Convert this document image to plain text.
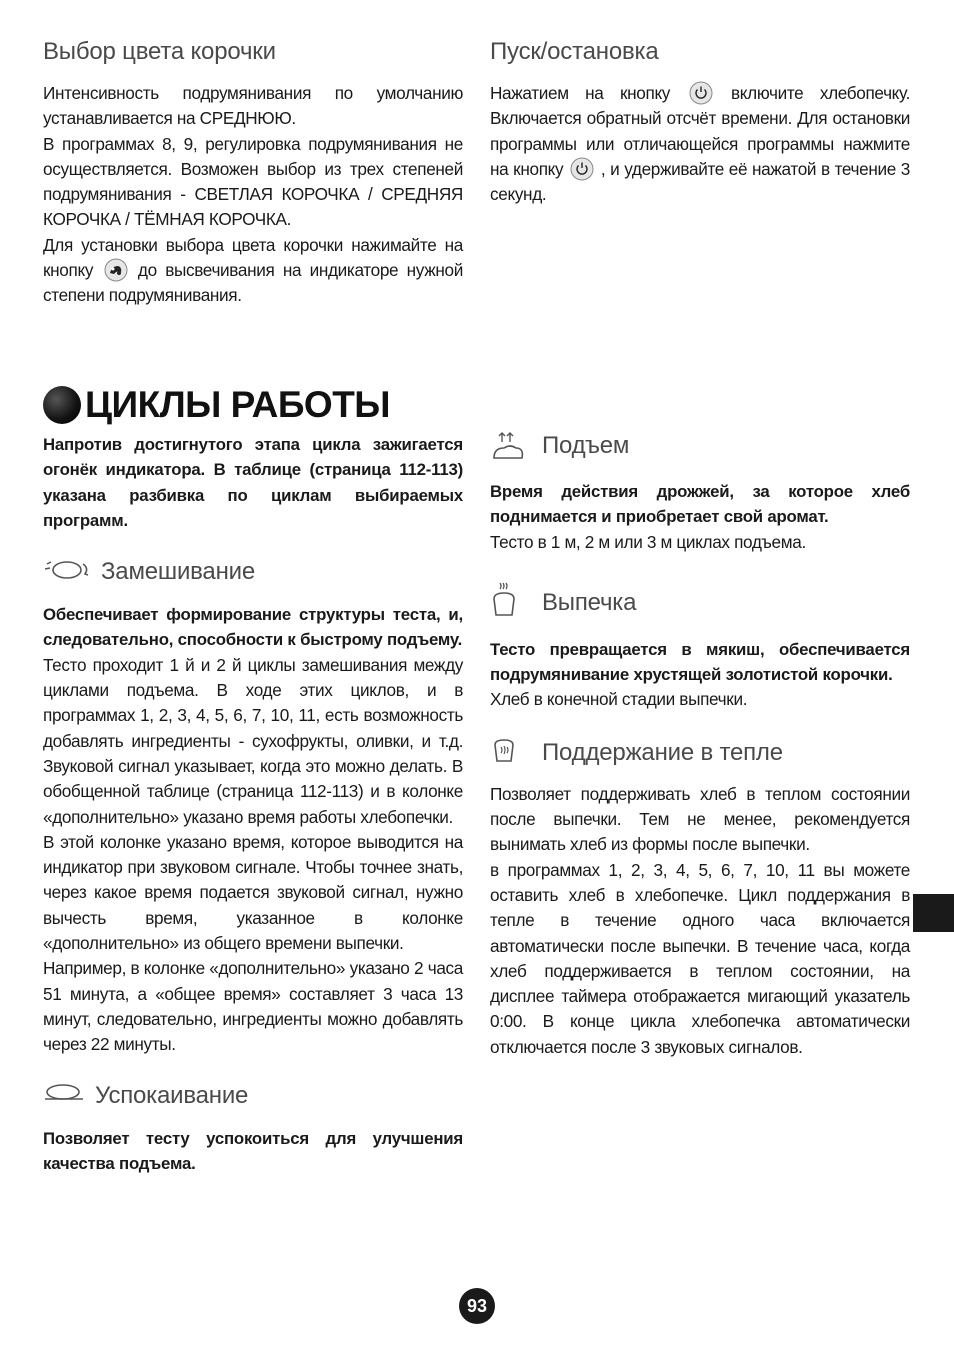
Выбор цвета корочки

Интенсивность подрумянивания по умолчанию устанавливается на СРЕДНЮЮ.

В программах 8, 9, регулировка подрумянивания не осуществляется. Возможен выбор из трех степеней подрумянивания - СВЕТЛАЯ КОРОЧКА / СРЕДНЯЯ КОРОЧКА / ТЁМНАЯ КОРОЧКА.

Для установки выбора цвета корочки нажимайте на кнопку	до высвечивания на индикаторе нужной степени подрумянивания.

Пуск/остановка

Нажатием на кнопку	включите хлебопечку. Включается обратный отсчёт времени. Для остановки программы или отличающейся программы нажмите на кнопку , и удерживайте её нажатой в течение 3 секунд.

ЦИКЛЫ РАБОТЫ

Напротив достигнутого этапа цикла зажигается огонёк индикатора. В таблице (страница 112-113) указана разбивка по циклам выбираемых программ.

Замешивание

Обеспечивает формирование структуры теста, и, следовательно, способности к быстрому подъему.

Тесто проходит 1 й и 2 й циклы замешивания между циклами подъема. В ходе этих циклов, и в программах 1, 2, 3, 4, 5, 6, 7, 10, 11, есть возможность добавлять ингредиенты - сухофрукты, оливки, и т.д. Звуковой сигнал указывает, когда это можно делать. В обобщенной таблице (страница 112-113) и в колонке «дополнительно» указано время работы хлебопечки.

В этой колонке указано время, которое выводится на индикатор при звуковом сигнале. Чтобы точнее знать, через какое время подается звуковой сигнал, нужно вычесть время, указанное в колонке «дополнительно» из общего времени выпечки.

Например, в колонке «дополнительно» указано 2 часа 51 минута, а «общее время» составляет 3 часа 13 минут, следовательно, ингредиенты можно добавлять через 22 минуты.

Успокаивание

Позволяет тесту успокоиться для улучшения качества подъема.

Подъем

Время действия дрожжей, за которое хлеб поднимается и приобретает свой аромат.

Тесто в 1 м, 2 м или 3 м циклах подъема.

Выпечка

Тесто превращается в мякиш, обеспечивается подрумянивание хрустящей золотистой корочки.

Хлеб в конечной стадии выпечки.

Поддержание в тепле

Позволяет поддерживать хлеб в теплом состоянии после выпечки. Тем не менее, рекомендуется вынимать хлеб из формы после выпечки.

в программах 1, 2, 3, 4, 5, 6, 7, 10, 11 вы можете оставить хлеб в хлебопечке. Цикл поддержания в тепле в течение одного часа включается автоматически после выпечки. В течение часа, когда хлеб поддерживается в теплом состоянии, на дисплее таймера отображается мигающий указатель 0:00. В конце цикла хлебопечка автоматически отключается после 3 звуковых сигналов.

93
